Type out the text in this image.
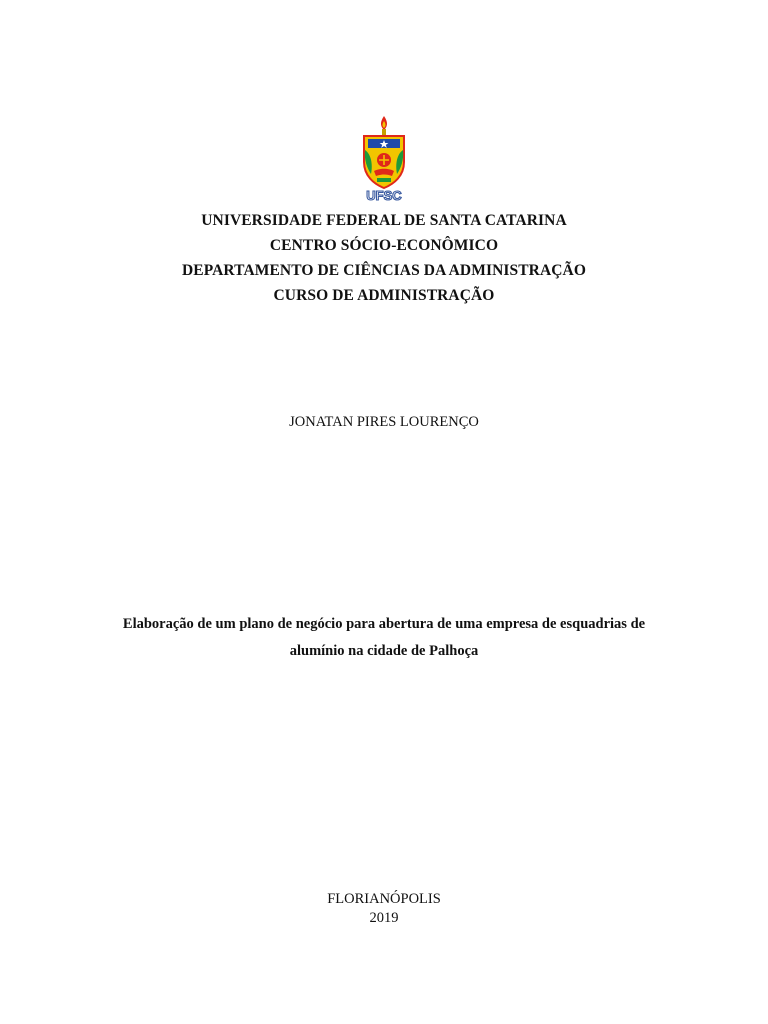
UFSC
UNIVERSIDADE FEDERAL DE SANTA CATARINA
CENTRO SÓCIO-ECONÔMICO
DEPARTAMENTO DE CIÊNCIAS DA ADMINISTRAÇÃO
CURSO DE ADMINISTRAÇÃO
JONATAN PIRES LOURENÇO
Elaboração de um plano de negócio para abertura de uma empresa de esquadrias de
alumínio na cidade de Palhoça
FLORIANÓPOLIS
2019
